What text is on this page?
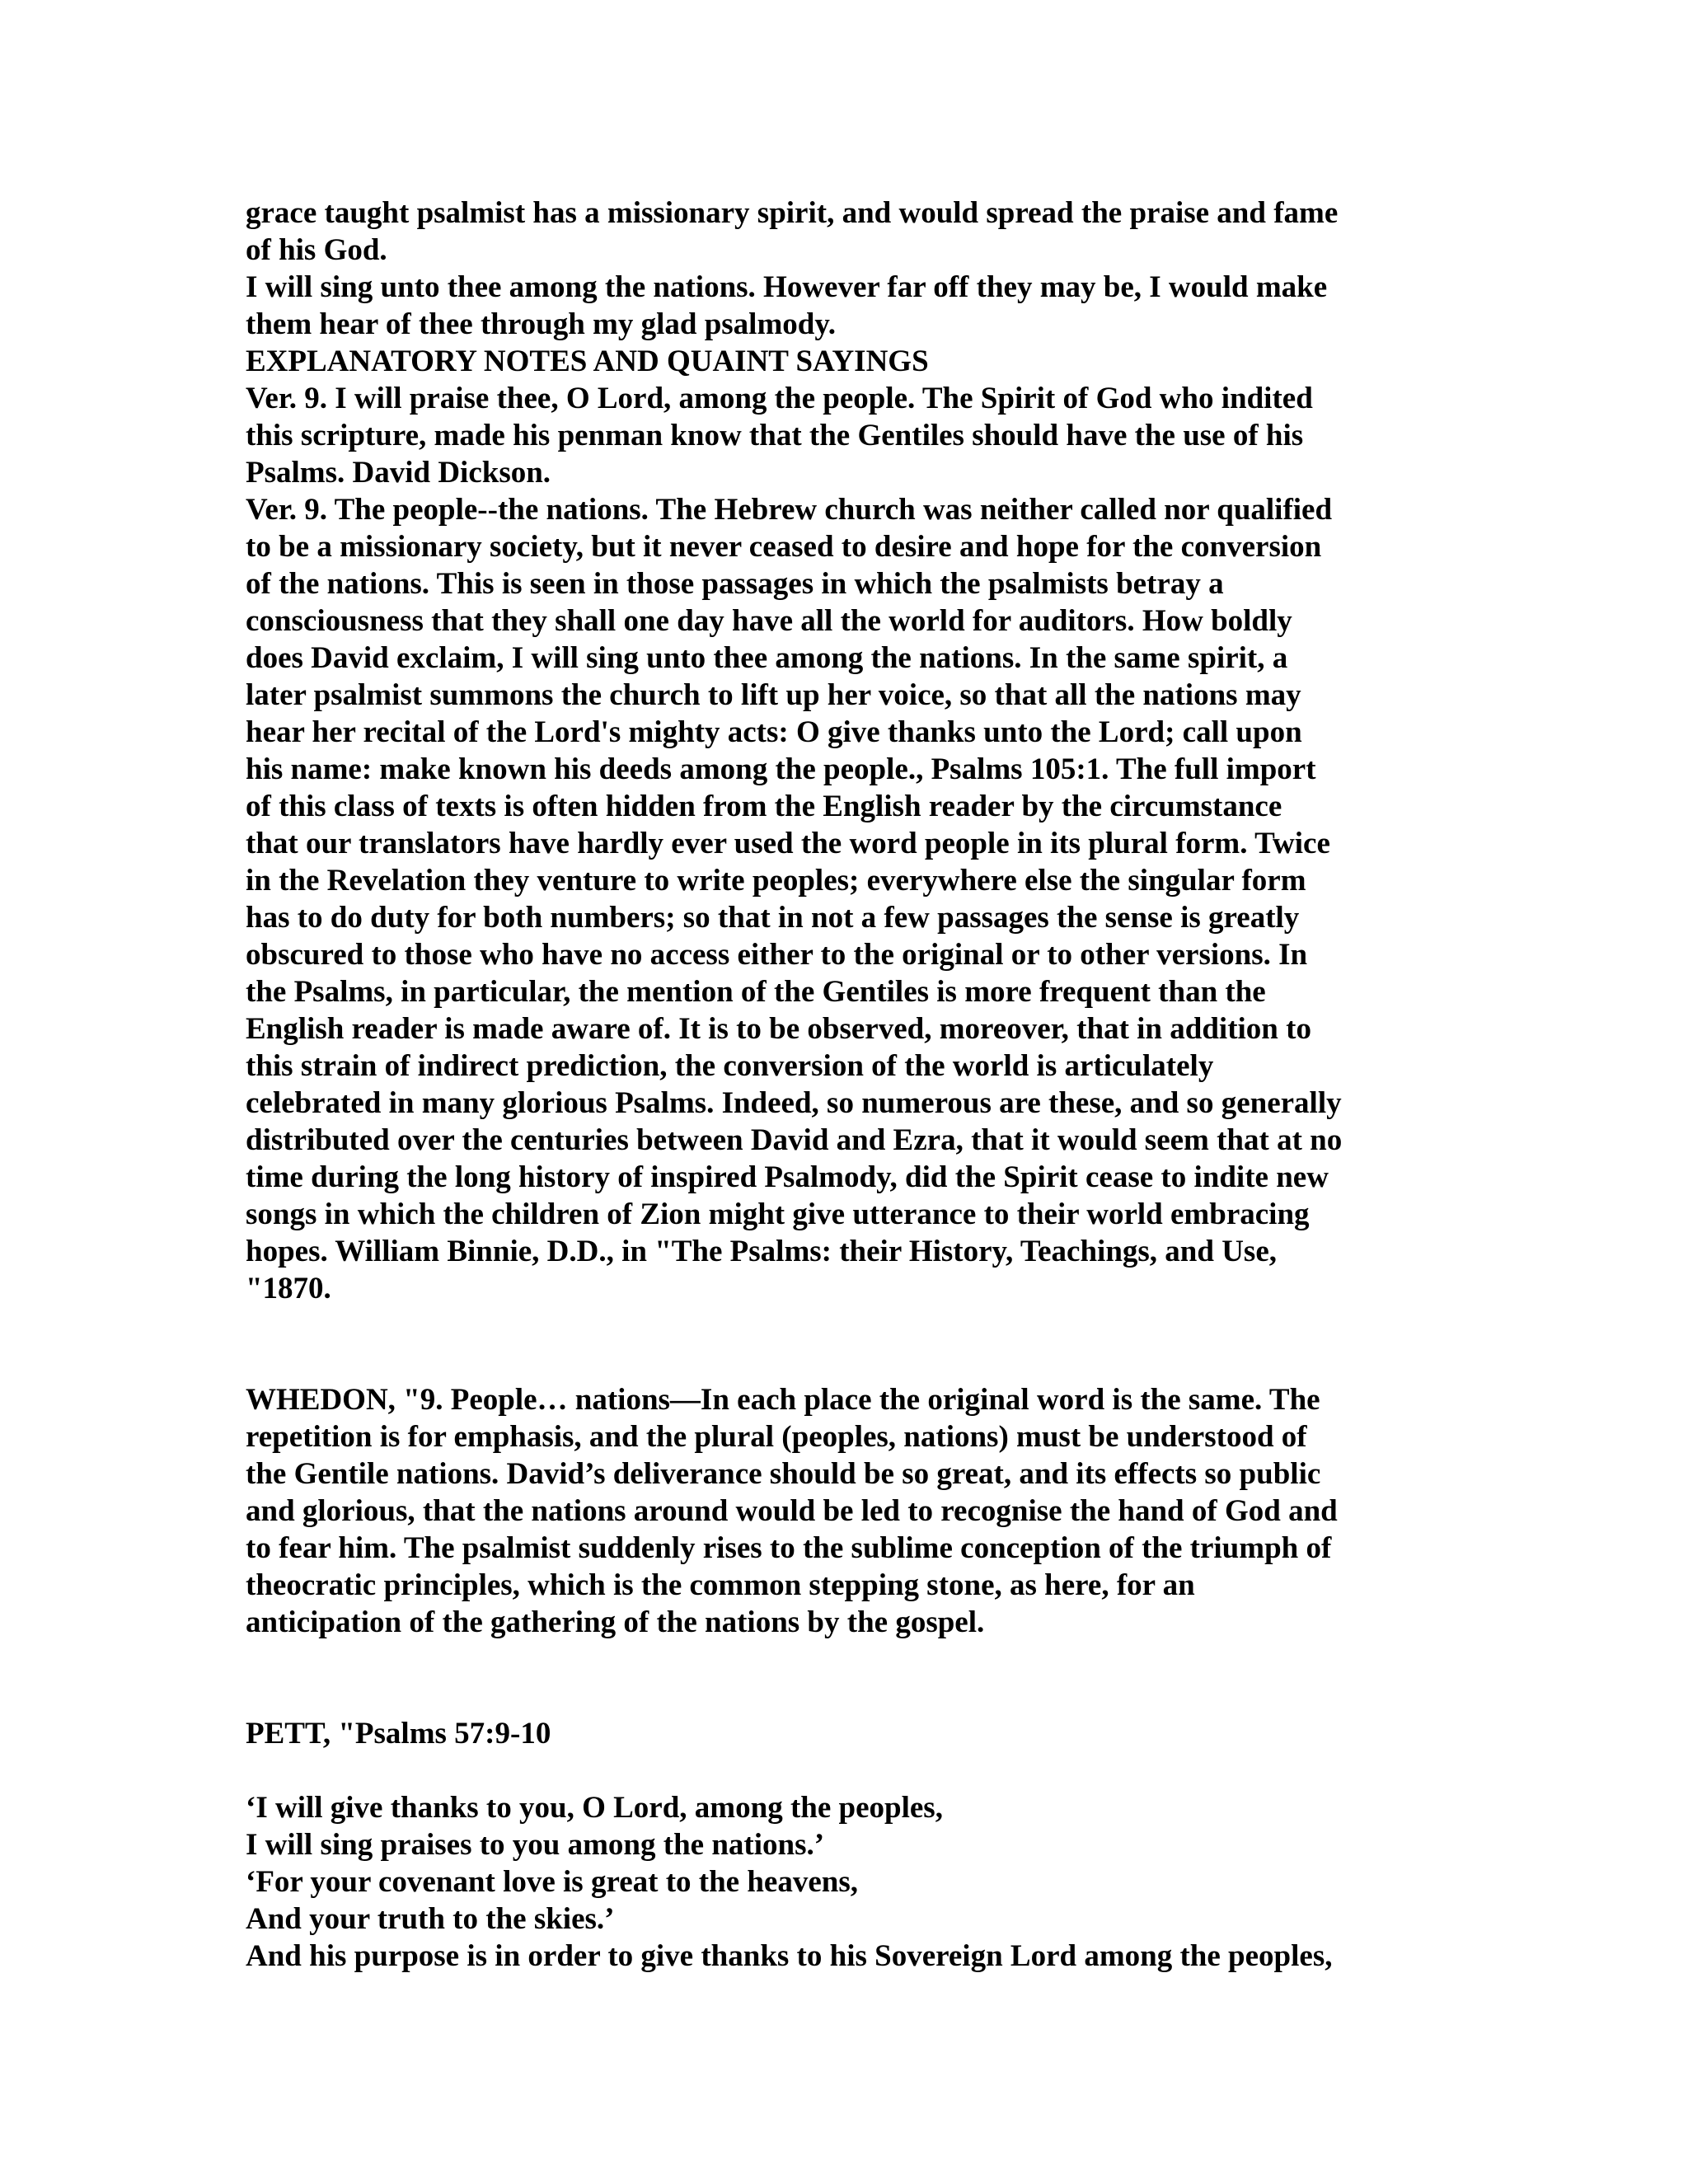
grace taught psalmist has a missionary spirit, and would spread the praise and fame
of his God.
I will sing unto thee among the nations. However far off they may be, I would make
them hear of thee through my glad psalmody.
EXPLANATORY NOTES AND QUAINT SAYINGS
Ver. 9. I will praise thee, O Lord, among the people. The Spirit of God who indited
this scripture, made his penman know that the Gentiles should have the use of his
Psalms. David Dickson.
Ver. 9. The people--the nations. The Hebrew church was neither called nor qualified
to be a missionary society, but it never ceased to desire and hope for the conversion
of the nations. This is seen in those passages in which the psalmists betray a
consciousness that they shall one day have all the world for auditors. How boldly
does David exclaim, I will sing unto thee among the nations. In the same spirit, a
later psalmist summons the church to lift up her voice, so that all the nations may
hear her recital of the Lord's mighty acts: O give thanks unto the Lord; call upon
his name: make known his deeds among the people., Psalms 105:1. The full import
of this class of texts is often hidden from the English reader by the circumstance
that our translators have hardly ever used the word people in its plural form. Twice
in the Revelation they venture to write peoples; everywhere else the singular form
has to do duty for both numbers; so that in not a few passages the sense is greatly
obscured to those who have no access either to the original or to other versions. In
the Psalms, in particular, the mention of the Gentiles is more frequent than the
English reader is made aware of. It is to be observed, moreover, that in addition to
this strain of indirect prediction, the conversion of the world is articulately
celebrated in many glorious Psalms. Indeed, so numerous are these, and so generally
distributed over the centuries between David and Ezra, that it would seem that at no
time during the long history of inspired Psalmody, did the Spirit cease to indite new
songs in which the children of Zion might give utterance to their world embracing
hopes. William Binnie, D.D., in "The Psalms: their History, Teachings, and Use,
"1870.
WHEDON, "9. People… nations—In each place the original word is the same. The
repetition is for emphasis, and the plural (peoples, nations) must be understood of
the Gentile nations. David’s deliverance should be so great, and its effects so public
and glorious, that the nations around would be led to recognise the hand of God and
to fear him. The psalmist suddenly rises to the sublime conception of the triumph of
theocratic principles, which is the common stepping stone, as here, for an
anticipation of the gathering of the nations by the gospel.
PETT, "Psalms 57:9-10
‘I will give thanks to you, O Lord, among the peoples,
I will sing praises to you among the nations.’
‘For your covenant love is great to the heavens,
And your truth to the skies.’
And his purpose is in order to give thanks to his Sovereign Lord among the peoples,
